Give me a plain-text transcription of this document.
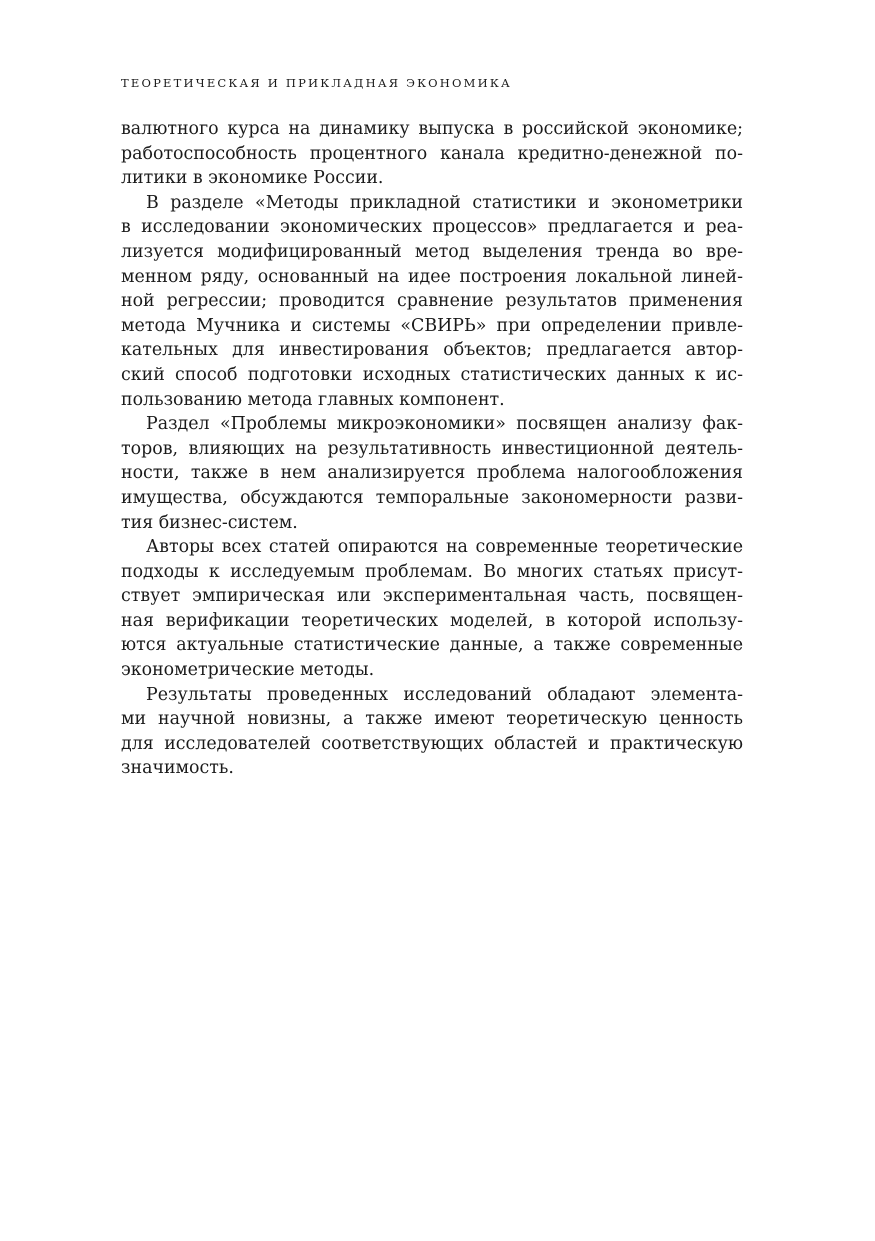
ТЕОРЕТИЧЕСКАЯ И ПРИКЛАДНАЯ ЭКОНОМИКА
валютного курса на динамику выпуска в российской экономике;
работоспособность процентного канала кредитно-денежной по-
литики в экономике России.
В разделе «Методы прикладной статистики и эконометрики
в исследовании экономических процессов» предлагается и реа-
лизуется модифицированный метод выделения тренда во вре-
менном ряду, основанный на идее построения локальной линей-
ной регрессии; проводится сравнение результатов применения
метода Мучника и системы «СВИРЬ» при определении привле-
кательных для инвестирования объектов; предлагается автор-
ский способ подготовки исходных статистических данных к ис-
пользованию метода главных компонент.
Раздел «Проблемы микроэкономики» посвящен анализу фак-
торов, влияющих на результативность инвестиционной деятель-
ности, также в нем анализируется проблема налогообложения
имущества, обсуждаются темпоральные закономерности разви-
тия бизнес-систем.
Авторы всех статей опираются на современные теоретические
подходы к исследуемым проблемам. Во многих статьях присут-
ствует эмпирическая или экспериментальная часть, посвящен-
ная верификации теоретических моделей, в которой использу-
ются актуальные статистические данные, а также современные
эконометрические методы.
Результаты проведенных исследований обладают элемента-
ми научной новизны, а также имеют теоретическую ценность
для исследователей соответствующих областей и практическую
значимость.
